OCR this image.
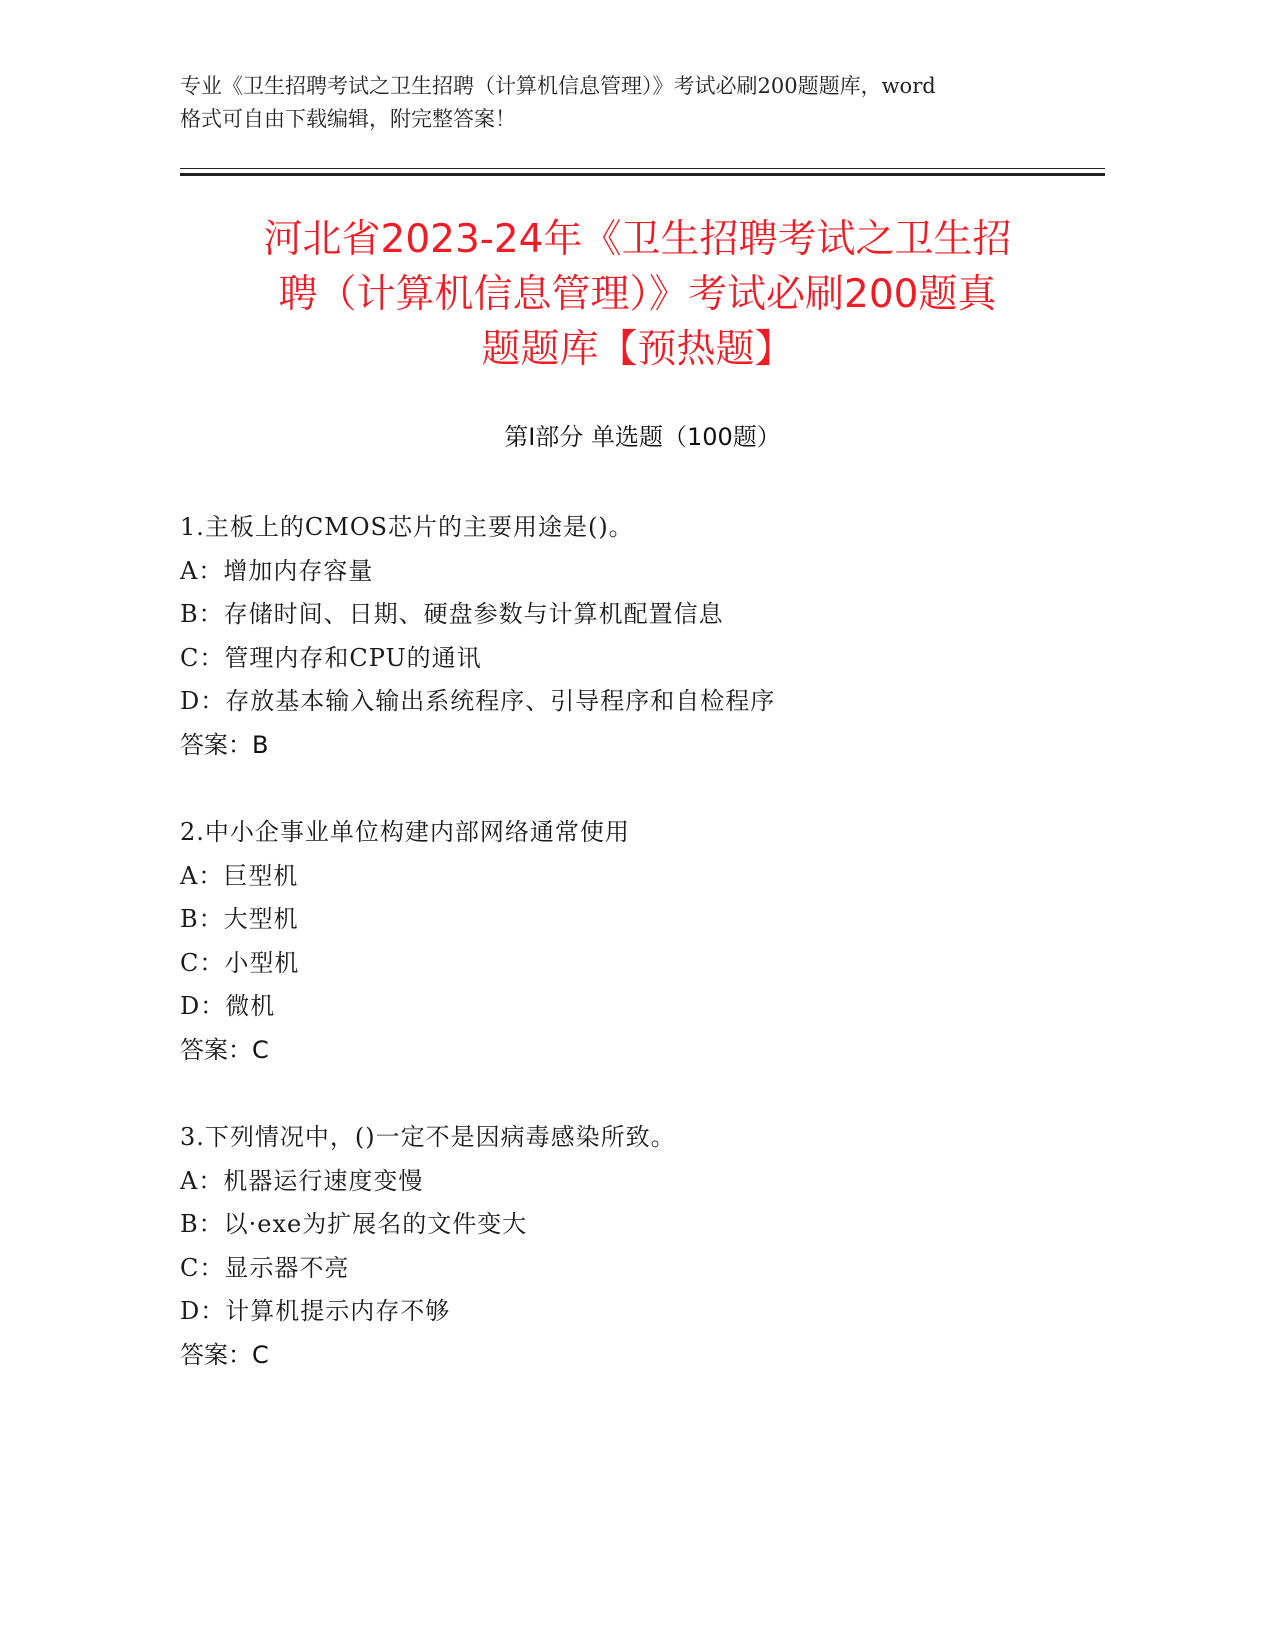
专业《卫生招聘考试之卫生招聘（计算机信息管理）》考试必刷200题题库，word
格式可自由下载编辑，附完整答案！
河北省2023-24年《卫生招聘考试之卫生招
聘（计算机信息管理）》考试必刷200题真
题题库【预热题】
第Ⅰ部分 单选题（100题）
1.主板上的CMOS芯片的主要用途是()。
A：增加内存容量
B：存储时间、日期、硬盘参数与计算机配置信息
C：管理内存和CPU的通讯
D：存放基本输入输出系统程序、引导程序和自检程序
答案：B
2.中小企事业单位构建内部网络通常使用
A：巨型机
B：大型机
C：小型机
D：微机
答案：C
3.下列情况中，()一定不是因病毒感染所致。
A：机器运行速度变慢
B：以·exe为扩展名的文件变大
C：显示器不亮
D：计算机提示内存不够
答案：C
